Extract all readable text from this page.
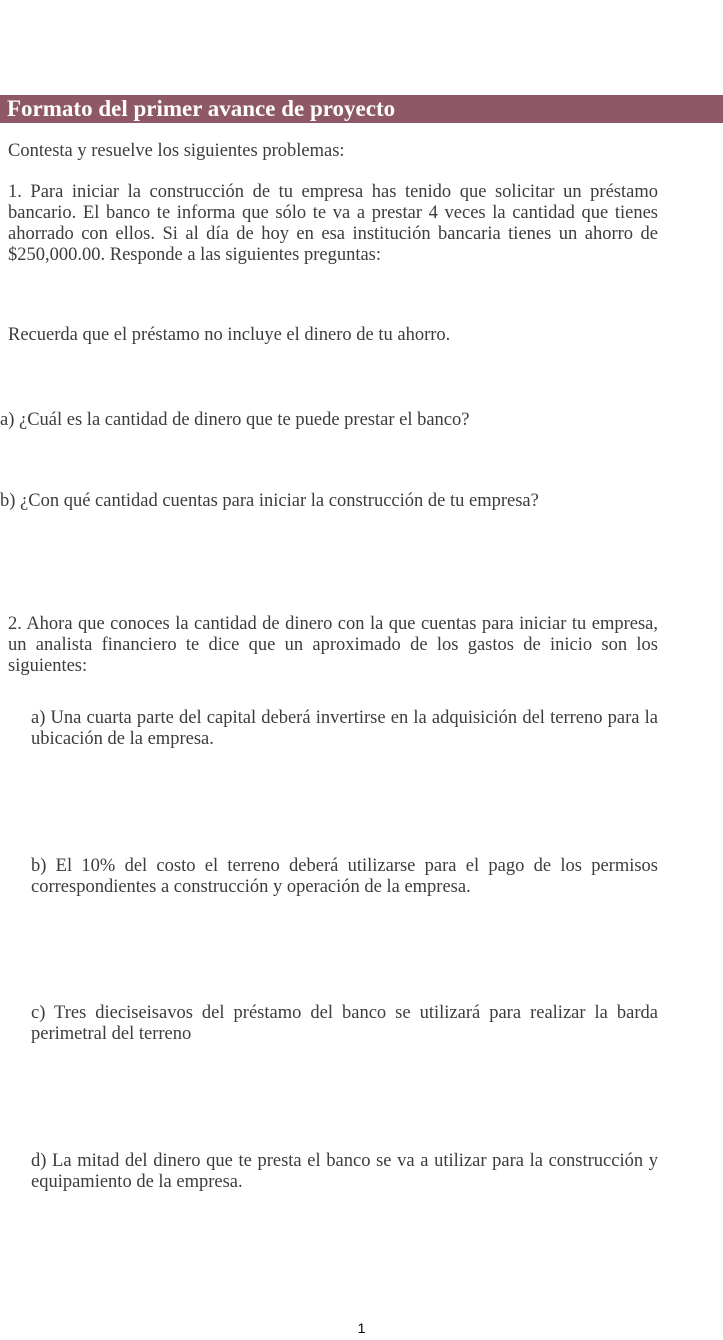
Formato del primer avance de proyecto
Contesta y resuelve los siguientes problemas:
1. Para iniciar la construcción de tu empresa has tenido que solicitar un préstamo bancario. El banco te informa que sólo te va a prestar 4 veces la cantidad que tienes ahorrado con ellos. Si al día de hoy en esa institución bancaria tienes un ahorro de $250,000.00. Responde a las siguientes preguntas:
Recuerda que el préstamo no incluye el dinero de tu ahorro.
a) ¿Cuál es la cantidad de dinero que te puede prestar el banco?
b) ¿Con qué cantidad cuentas para iniciar la construcción de tu empresa?
2. Ahora que conoces la cantidad de dinero con la que cuentas para iniciar tu empresa, un analista financiero te dice que un aproximado de los gastos de inicio son los siguientes:
a) Una cuarta parte del capital deberá invertirse en la adquisición del terreno para la ubicación de la empresa.
b) El 10% del costo el terreno deberá utilizarse para el pago de los permisos correspondientes a construcción y operación de la empresa.
c) Tres dieciseisavos del préstamo del banco se utilizará para realizar la barda perimetral del terreno
d) La mitad del dinero que te presta el banco se va a utilizar para la construcción y equipamiento de la empresa.
1
